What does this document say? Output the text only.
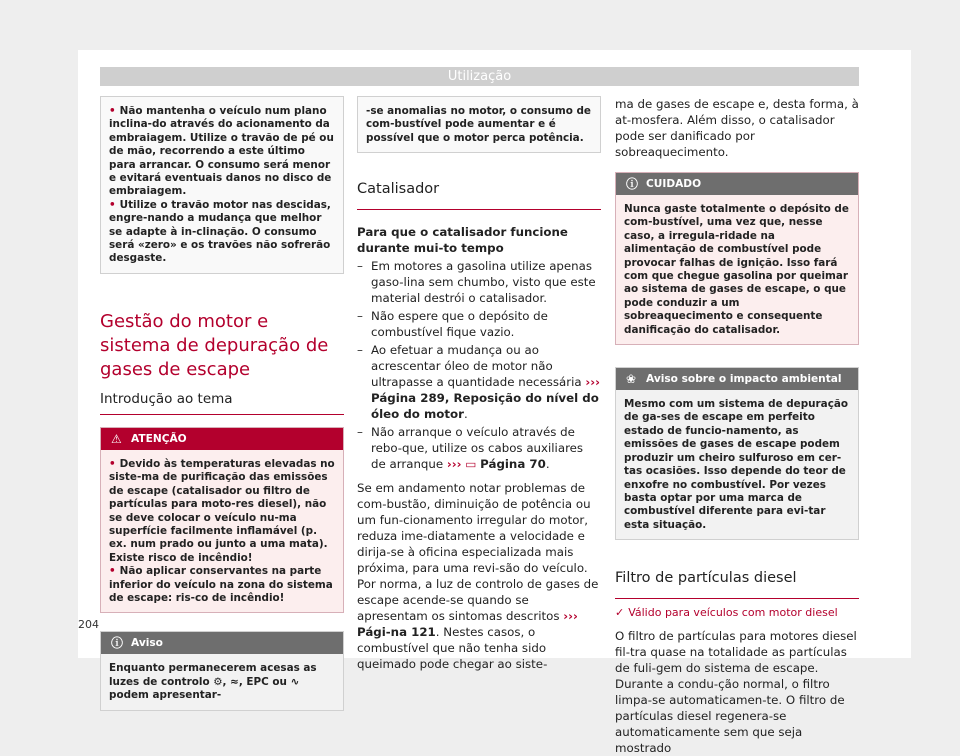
Utilização
• Não mantenha o veículo num plano inclina-do através do acionamento da embraiagem. Utilize o travão de pé ou de mão, recorrendo a este último para arrancar. O consumo será menor e evitará eventuais danos no disco de embraiagem.
• Utilize o travão motor nas descidas, engre-nando a mudança que melhor se adapte à in-clinação. O consumo será «zero» e os travões não sofrerão desgaste.
Gestão do motor e sistema de depuração de gases de escape
Introdução ao tema
⚠ ATENÇÃO
• Devido às temperaturas elevadas no siste-ma de purificação das emissões de escape (catalisador ou filtro de partículas para moto-res diesel), não se deve colocar o veículo nu-ma superfície facilmente inflamável (p. ex. num prado ou junto a uma mata). Existe risco de incêndio!
• Não aplicar conservantes na parte inferior do veículo na zona do sistema de escape: ris-co de incêndio!
ⓘ Aviso
Enquanto permanecerem acesas as luzes de controlo ⚙, ≈, EPC ou ∿ podem apresentar-
-se anomalias no motor, o consumo de com-bustível pode aumentar e é possível que o motor perca potência.
Catalisador
Para que o catalisador funcione durante mui-to tempo
– Em motores a gasolina utilize apenas gaso-lina sem chumbo, visto que este material destrói o catalisador.
– Não espere que o depósito de combustível fique vazio.
– Ao efetuar a mudança ou ao acrescentar óleo de motor não ultrapasse a quantidade necessária ››› Página 289, Reposição do nível do óleo do motor.
– Não arranque o veículo através de rebo-que, utilize os cabos auxiliares de arranque ››› ▭ Página 70.
Se em andamento notar problemas de com-bustão, diminuição de potência ou um fun-cionamento irregular do motor, reduza ime-diatamente a velocidade e dirija-se à oficina especializada mais próxima, para uma revi-são do veículo. Por norma, a luz de controlo de gases de escape acende-se quando se apresentam os sintomas descritos ››› Pági-na 121. Nestes casos, o combustível que não tenha sido queimado pode chegar ao siste-
ma de gases de escape e, desta forma, à at-mosfera. Além disso, o catalisador pode ser danificado por sobreaquecimento.
ⓘ CUIDADO
Nunca gaste totalmente o depósito de com-bustível, uma vez que, nesse caso, a irregula-ridade na alimentação de combustível pode provocar falhas de ignição. Isso fará com que chegue gasolina por queimar ao sistema de gases de escape, o que pode conduzir a um sobreaquecimento e consequente danificação do catalisador.
❀ Aviso sobre o impacto ambiental
Mesmo com um sistema de depuração de ga-ses de escape em perfeito estado de funcio-namento, as emissões de gases de escape podem produzir um cheiro sulfuroso em cer-tas ocasiões. Isso depende do teor de enxofre no combustível. Por vezes basta optar por uma marca de combustível diferente para evi-tar esta situação.
Filtro de partículas diesel
✓ Válido para veículos com motor diesel
O filtro de partículas para motores diesel fil-tra quase na totalidade as partículas de fuli-gem do sistema de escape. Durante a condu-ção normal, o filtro limpa-se automaticamen-te. O filtro de partículas diesel regenera-se automaticamente sem que seja mostrado
204
